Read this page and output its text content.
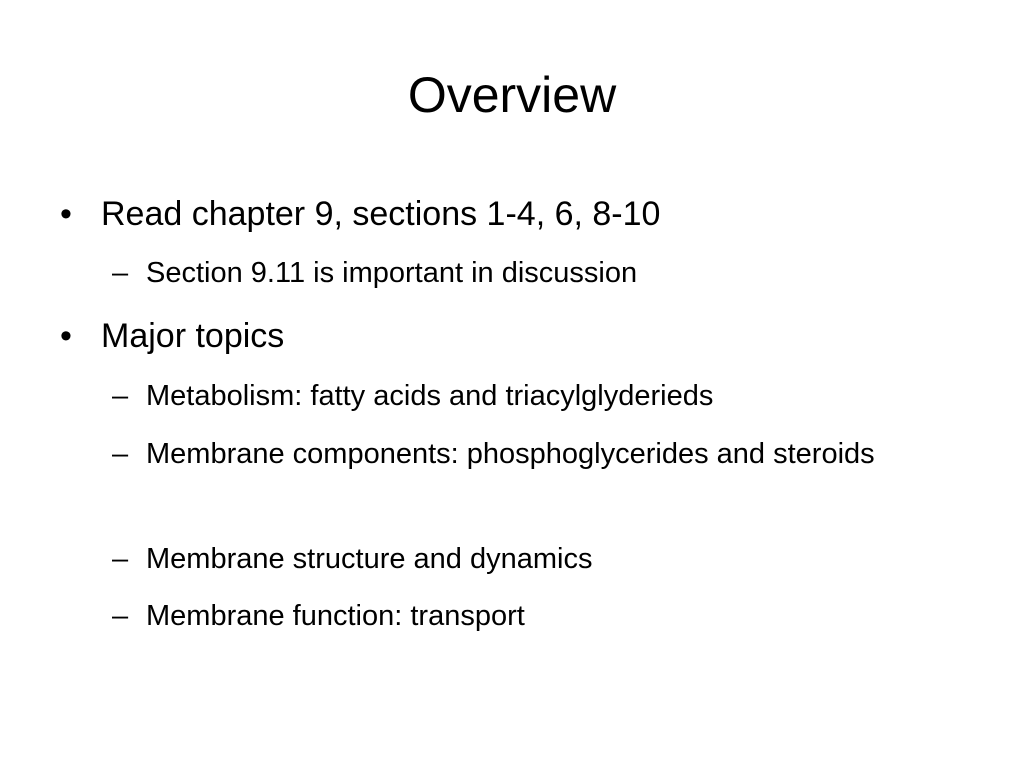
Overview
• Read chapter 9, sections 1-4, 6, 8-10
– Section 9.11 is important in discussion
• Major topics
– Metabolism: fatty acids and triacylglyderieds
– Membrane components: phosphoglycerides and steroids
– Membrane structure and dynamics
– Membrane function: transport
